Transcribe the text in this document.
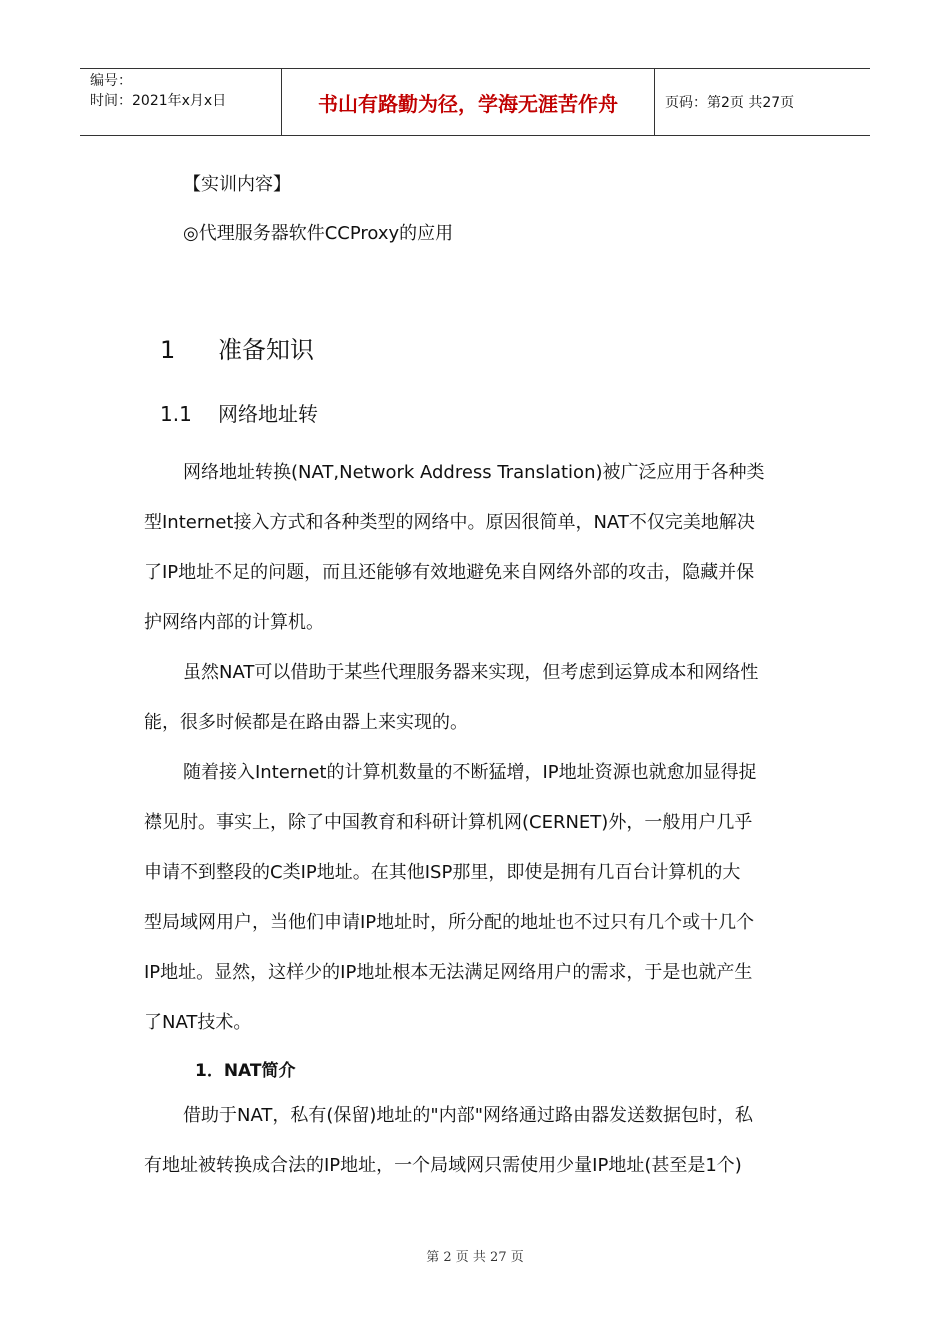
编号：
时间：2021年x月x日	书山有路勤为径，学海无涯苦作舟	页码：第2页 共27页
【实训内容】
◎代理服务器软件CCProxy的应用
1 准备知识
1.1 网络地址转
网络地址转换(NAT,Network Address Translation)被广泛应用于各种类
型Internet接入方式和各种类型的网络中。原因很简单，NAT不仅完美地解决
了IP地址不足的问题，而且还能够有效地避免来自网络外部的攻击，隐藏并保
护网络内部的计算机。
虽然NAT可以借助于某些代理服务器来实现，但考虑到运算成本和网络性
能，很多时候都是在路由器上来实现的。
随着接入Internet的计算机数量的不断猛增，IP地址资源也就愈加显得捉
襟见肘。事实上，除了中国教育和科研计算机网(CERNET)外，一般用户几乎
申请不到整段的C类IP地址。在其他ISP那里，即使是拥有几百台计算机的大
型局域网用户，当他们申请IP地址时，所分配的地址也不过只有几个或十几个
IP地址。显然，这样少的IP地址根本无法满足网络用户的需求，于是也就产生
了NAT技术。
1．NAT简介
借助于NAT，私有(保留)地址的"内部"网络通过路由器发送数据包时，私
有地址被转换成合法的IP地址，一个局域网只需使用少量IP地址(甚至是1个)
第 2 页 共 27 页
